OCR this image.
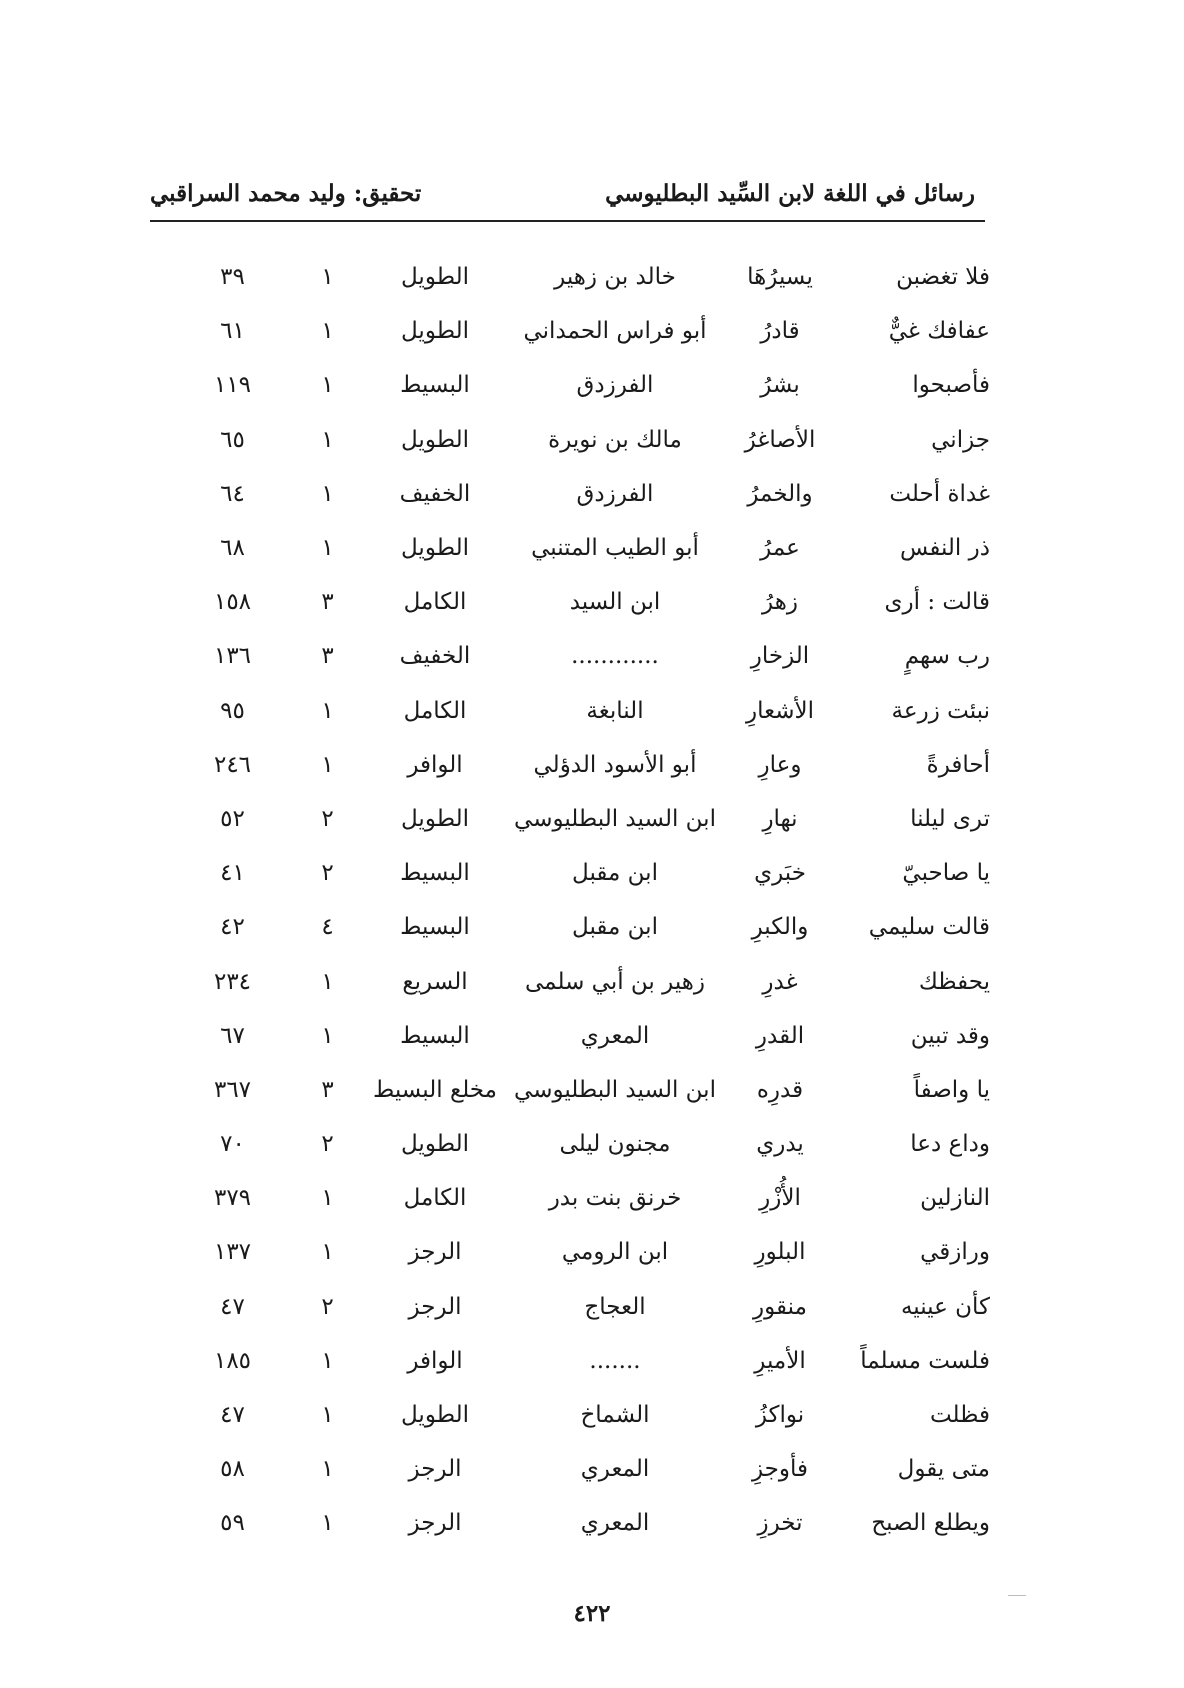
رسائل في اللغة لابن السِّيد البطليوسي
تحقيق: وليد محمد السراقبي
فلا تغضبن	يسيرُهَا	خالد بن زهير	الطويل	١	٣٩
عفافك غيٌّ	قادرُ	أبو فراس الحمداني	الطويل	١	٦١
فأصبحوا	بشرُ	الفرزدق	البسيط	١	١١٩
جزاني	الأصاغرُ	مالك بن نويرة	الطويل	١	٦٥
غداة أحلت	والخمرُ	الفرزدق	الخفيف	١	٦٤
ذر النفس	عمرُ	أبو الطيب المتنبي	الطويل	١	٦٨
قالت : أرى	زهرُ	ابن السيد	الكامل	٣	١٥٨
رب سهمٍ	الزخارِ	............	الخفيف	٣	١٣٦
نبئت زرعة	الأشعارِ	النابغة	الكامل	١	٩٥
أحافرةً	وعارِ	أبو الأسود الدؤلي	الوافر	١	٢٤٦
ترى ليلنا	نهارِ	ابن السيد البطليوسي	الطويل	٢	٥٢
يا صاحبيّ	خبَري	ابن مقبل	البسيط	٢	٤١
قالت سليمي	والكبرِ	ابن مقبل	البسيط	٤	٤٢
يحفظك	غدرِ	زهير بن أبي سلمى	السريع	١	٢٣٤
وقد تبين	القدرِ	المعري	البسيط	١	٦٧
يا واصفاً	قدرِه	ابن السيد البطليوسي	مخلع البسيط	٣	٣٦٧
وداع دعا	يدري	مجنون ليلى	الطويل	٢	٧٠
النازلين	الأُزْرِ	خرنق بنت بدر	الكامل	١	٣٧٩
ورازقي	البلورِ	ابن الرومي	الرجز	١	١٣٧
كأن عينيه	منقورِ	العجاج	الرجز	٢	٤٧
فلست مسلماً	الأميرِ	.......	الوافر	١	١٨٥
فظلت	نواكزُ	الشماخ	الطويل	١	٤٧
متى يقول	فأوجزِ	المعري	الرجز	١	٥٨
ويطلع الصبح	تخرزِ	المعري	الرجز	١	٥٩
٤٢٢
